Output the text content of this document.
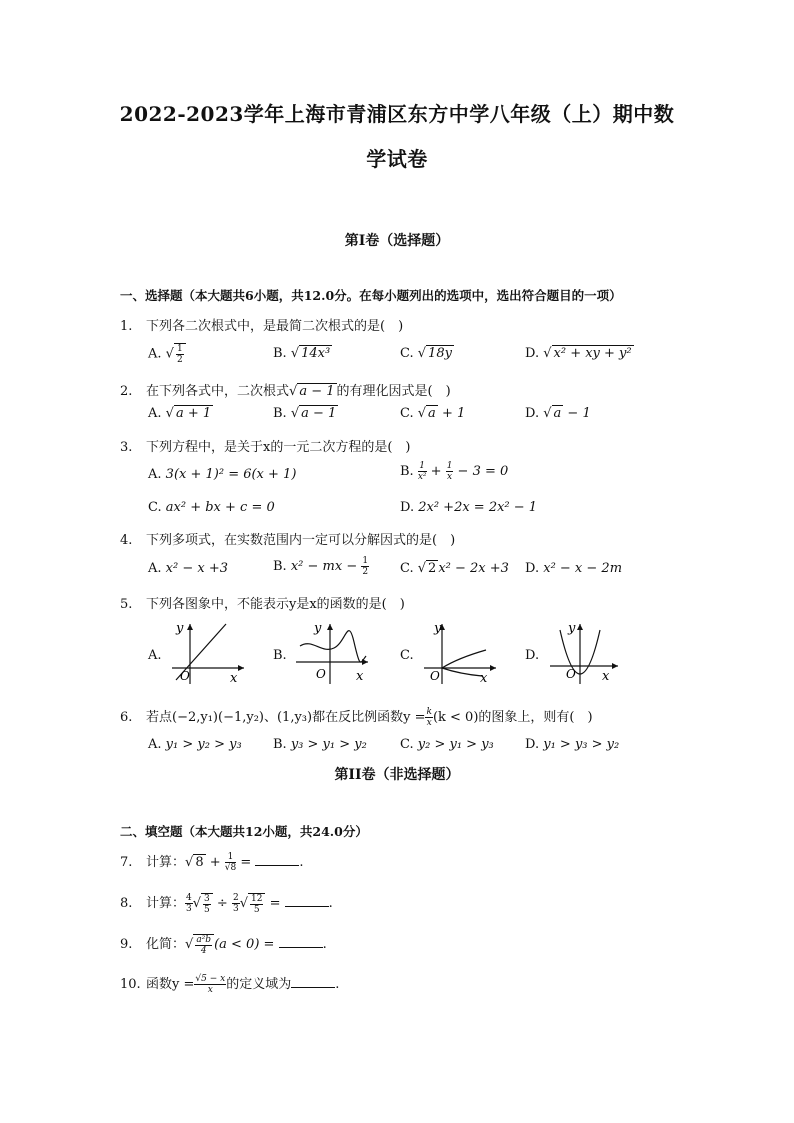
2022-2023学年上海市青浦区东方中学八年级（上）期中数
学试卷
第I卷（选择题）
一、选择题（本大题共6小题，共12.0分。在每小题列出的选项中，选出符合题目的一项）
1. 下列各二次根式中，是最简二次根式的是(　)
A. √ $\frac{1}{2}$	B. √ 14x³	C. √ 18y	D. √ x² + xy + y²
2. 在下列各式中，二次根式√ a − 1 的有理化因式是(　)
A. √ a + 1	B. √ a − 1	C. √ a + 1	D. √ a − 1
3. 下列方程中，是关于x的一元二次方程的是(　)
A. 3(x + 1)² = 6(x + 1)	B. $\frac{1}{\text{x²}} + \frac{1}{x} - 3 = 0$
C. ax² + bx + c = 0	D. 2x² +2x = 2x² − 1
4. 下列多项式，在实数范围内一定可以分解因式的是(　)
A. x² − x +3	B. x² − mx − $\frac{1}{2} C$. √ 2 x² − 2x +3 D. x² − x − 2m
5. 下列各图象中，不能表示y是x的函数的是(　)
A.
y
x
O
B.
y
x
O
C.
y
x
O
D.
y
x
O
6. 若点(−2,y₁)(−1,y₂)、(1,y₃)都在反比例函数$y = \frac{k}{x} (k < 0)$的图象上，则有(　)
A. y₁ > y₂ > y₃ B. y₃ > y₁ > y₂	C. y₂ > y₁ > y₃ D. y₁ > y₃ > y₂
第II卷（非选择题）
二、填空题（本大题共12小题，共24.0分）
7. 计算：√ $8 + \frac{1}{√8}$ =	.
8. 计算： $\frac{4}{3}$ √ $\frac{3}{5} \div \frac{2}{3}$ √ $\frac{12}{5}$ =	.
9. 化简：√ $\frac{\text{a²b}}{4} (a < 0)$ =	.
10. 函数$y = \frac{√5 - x}{x}$ 的定义域为	.
